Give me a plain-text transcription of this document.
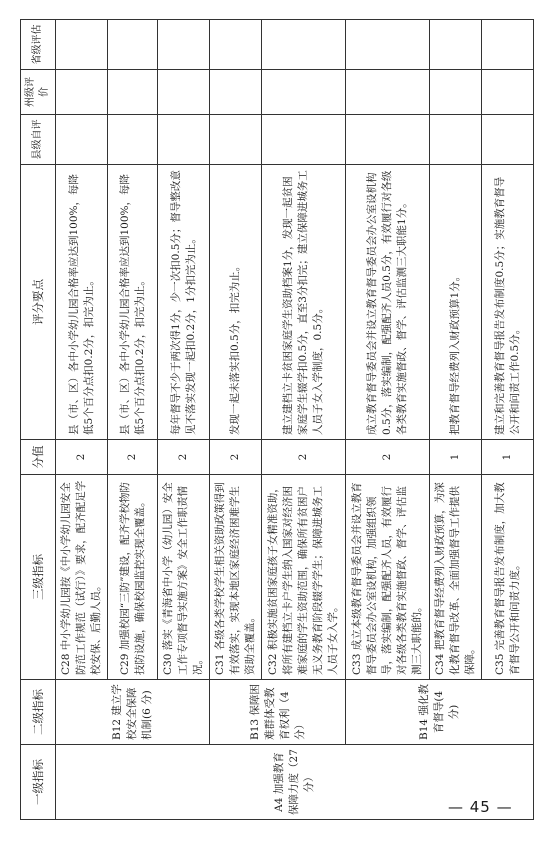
一级指标	二级指标	三级指标	分值	评分要点	县级自评	州级评价	省级评估
A4 加强教育保障力度（27分）	B12 建立学校安全保障机制(6 分)	C28 中小学幼儿园按《中小学幼儿园安全防范工作规范（试行）》要求，配齐配足学校安保、后勤人员。	2	县（市、区）各中小学幼儿园合格率应达到100%，每降低5个百分点扣0.2分，扣完为止。			
		C29 加强校园“三防”建设，配齐学校物防技防设施，确保校园监控实现全覆盖。	2	县（市、区）各中小学幼儿园合格率应达到100%，每降低5个百分点扣0.2分，扣完为止。			
		C30 落实《青海省中小学（幼儿园）安全工作专项督导实施方案》安全工作职责情况。	2	每年督导不少于两次得1分，少一次扣0.5分；督导整改意见不落实发现一起扣0.2分，1分扣完为止。			
	B13 保障困难群体受教育权利（4分）	C31 各级各类学校学生相关资助政策得到有效落实，实现本地区家庭经济困难学生资助全覆盖。	2	发现一起未落实扣0.5分，扣完为止。			
		C32 积极实施贫困家庭孩子女精准资助，将所有建档立卡户学生纳入国家对经济困难家庭的学生资助范围，确保所有贫困户无义务教育阶段辍学学生；保障进城务工人员子女入学。	2	建立建档立卡贫困家庭学生资助档案1分，发现一起贫困家庭学生辍学扣0.5分，直至3分扣完；建立保障进城务工人员子女入学制度，0.5分。			
	B14 强化教育督导(4 分)	C33 成立本级教育督导委员会并设立教育督导委员会办公室设机构，加强组织领导，落实编制，配强配齐人员，有效履行对各级各类教育实施督政、督学、评估监测三大职能的。	2	成立教育督导委员会并设立教育督导委员会办公室设机构0.5分，落实编制，配强配齐人员0.5分，有效履行对各级各类教育实施督政、督学、评估监测三大职能1分。			
		C34 把教育督导经费列入财政预算，为深化教育督导改革、全面加强督导工作提供保障。	1	把教育督导经费列入财政预算1分。			
		C35 完善教育督导报告发布制度，加大教育督导公开和问责力度。	1	建立和完善教育督导报告发布制度0.5分；实施教育督导公开和问责工作0.5分。			
— 45 —
